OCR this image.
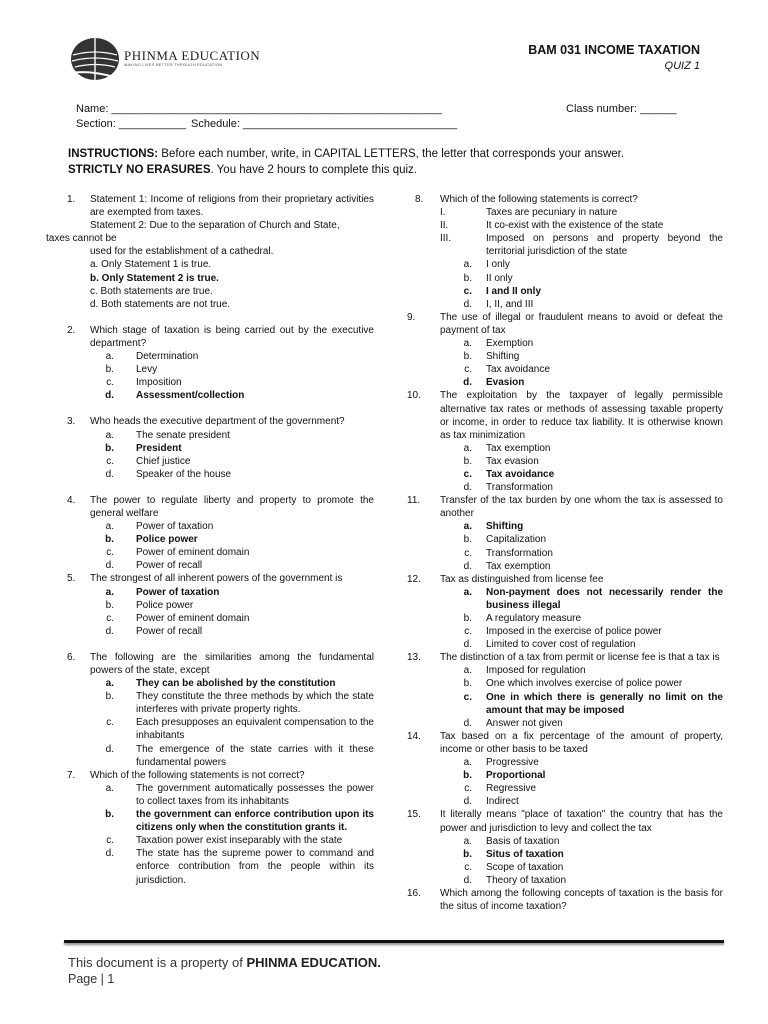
PHINMA EDUCATION
MAKING LIVES BETTER THROUGH EDUCATION
BAM 031 INCOME TAXATION
QUIZ 1
Name: ______________________________________________________	Class number: ______
Section: ___________ Schedule: ___________________________________
INSTRUCTIONS: Before each number, write, in CAPITAL LETTERS, the letter that corresponds your answer.
STRICTLY NO ERASURES. You have 2 hours to complete this quiz.
1.	Statement 1: Income of religions from their proprietary activities are exempted from taxes.
Statement 2: Due to the separation of Church and State,
taxes cannot be
used for the establishment of a cathedral.
a. Only Statement 1 is true.
b. Only Statement 2 is true.
c. Both statements are true.
d. Both statements are not true.
2.	Which stage of taxation is being carried out by the executive department?
a. Determination
b. Levy
c. Imposition
d. Assessment/collection
3.	Who heads the executive department of the government?
a. The senate president
b. President
c. Chief justice
d. Speaker of the house
4.	The power to regulate liberty and property to promote the general welfare
a. Power of taxation
b. Police power
c. Power of eminent domain
d. Power of recall
5.	The strongest of all inherent powers of the government is
a. Power of taxation
b. Police power
c. Power of eminent domain
d. Power of recall
6.	The following are the similarities among the fundamental powers of the state, except
a. They can be abolished by the constitution
b. They constitute the three methods by which the state interferes with private property rights.
c. Each presupposes an equivalent compensation to the inhabitants
d. The emergence of the state carries with it these fundamental powers
7.	Which of the following statements is not correct?
a. The government automatically possesses the power to collect taxes from its inhabitants
b. the government can enforce contribution upon its citizens only when the constitution grants it.
c. Taxation power exist inseparably with the state
d. The state has the supreme power to command and enforce contribution from the people within its jurisdiction.
8.	Which of the following statements is correct?
I.	Taxes are pecuniary in nature
II.	It co-exist with the existence of the state
III.	Imposed on persons and property beyond the territorial jurisdiction of the state
a. I only
b. II only
c. I and II only
d. I, II, and III
9.	The use of illegal or fraudulent means to avoid or defeat the payment of tax
a. Exemption
b. Shifting
c. Tax avoidance
d. Evasion
10.	The exploitation by the taxpayer of legally permissible alternative tax rates or methods of assessing taxable property or income, in order to reduce tax liability. It is otherwise known as tax minimization
a. Tax exemption
b. Tax evasion
c. Tax avoidance
d. Transformation
11.	Transfer of the tax burden by one whom the tax is assessed to another
a. Shifting
b. Capitalization
c. Transformation
d. Tax exemption
12.	Tax as distinguished from license fee
a. Non-payment does not necessarily render the business illegal
b. A regulatory measure
c. Imposed in the exercise of police power
d. Limited to cover cost of regulation
13.	The distinction of a tax from permit or license fee is that a tax is
a. Imposed for regulation
b. One which involves exercise of police power
c. One in which there is generally no limit on the amount that may be imposed
d. Answer not given
14.	Tax based on a fix percentage of the amount of property, income or other basis to be taxed
a. Progressive
b. Proportional
c. Regressive
d. Indirect
15.	It literally means "place of taxation" the country that has the power and jurisdiction to levy and collect the tax
a. Basis of taxation
b. Situs of taxation
c. Scope of taxation
d. Theory of taxation
16.	Which among the following concepts of taxation is the basis for the situs of income taxation?
This document is a property of PHINMA EDUCATION.
Page | 1
